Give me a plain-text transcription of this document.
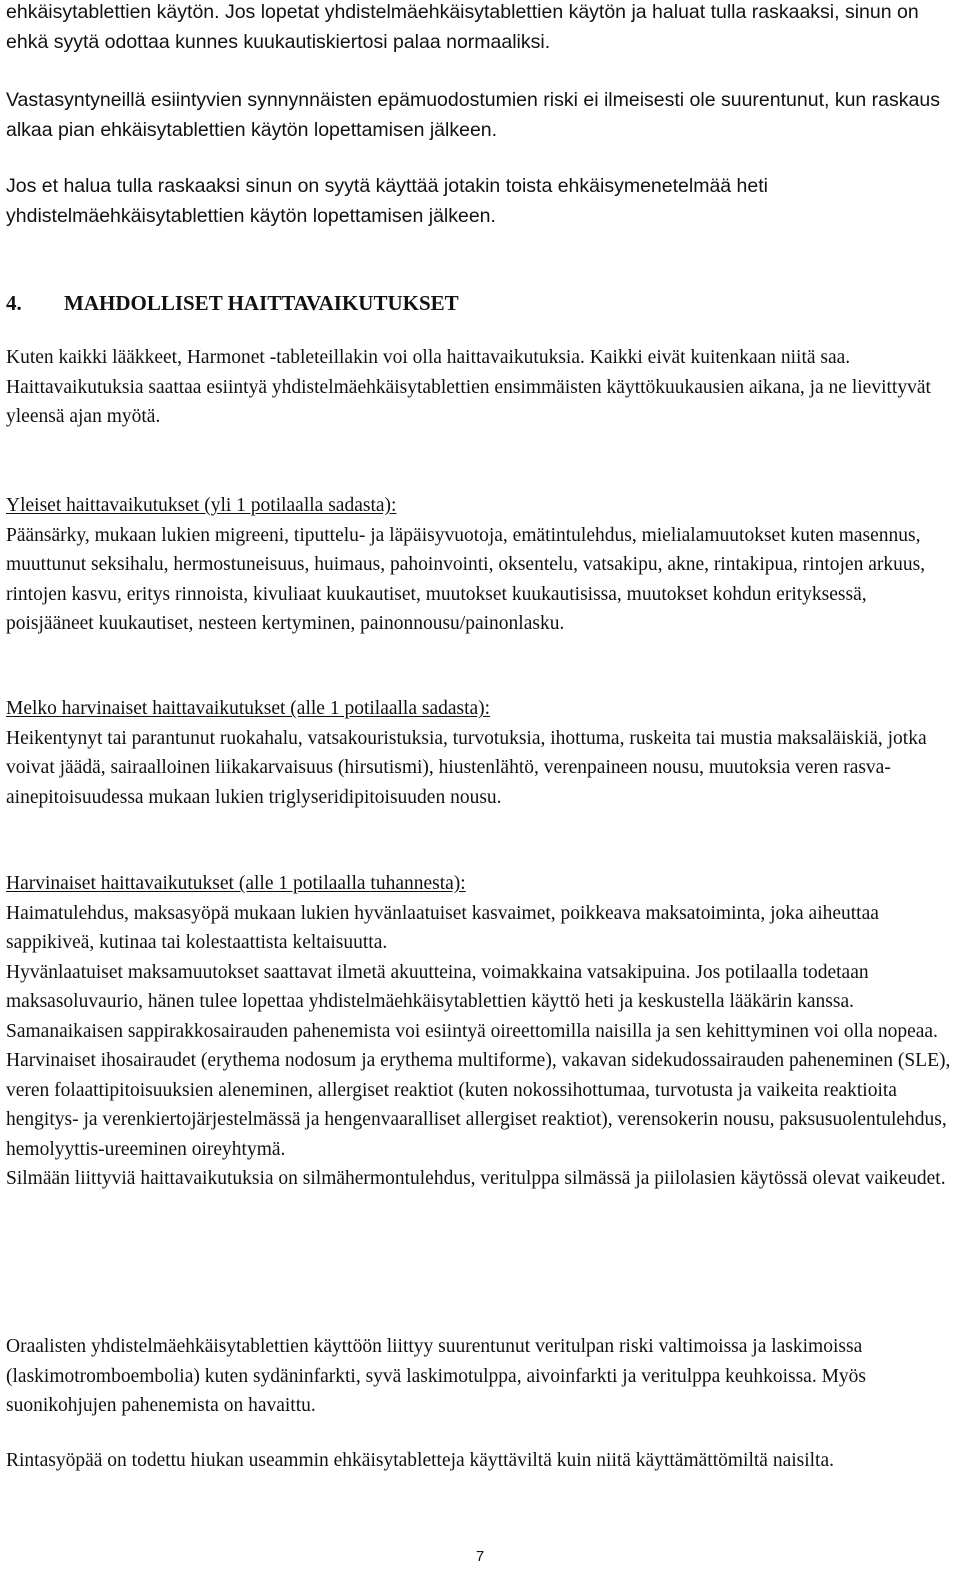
ehkäisytablettien käytön. Jos lopetat yhdistelmäehkäisytablettien käytön ja haluat tulla raskaaksi, sinun on ehkä syytä odottaa kunnes kuukautiskiertosi palaa normaaliksi.

Vastasyntyneillä esiintyvien synnynnäisten epämuodostumien riski ei ilmeisesti ole suurentunut, kun raskaus alkaa pian ehkäisytablettien käytön lopettamisen jälkeen.

Jos et halua tulla raskaaksi sinun on syytä käyttää jotakin toista ehkäisymenetelmää heti yhdistelmäehkäisytablettien käytön lopettamisen jälkeen.

4. MAHDOLLISET HAITTAVAIKUTUKSET
Kuten kaikki lääkkeet, Harmonet -tableteillakin voi olla haittavaikutuksia. Kaikki eivät kuitenkaan niitä saa.
Haittavaikutuksia saattaa esiintyä yhdistelmäehkäisytablettien ensimmäisten käyttökuukausien aikana, ja ne lievittyvät yleensä ajan myötä.
Yleiset haittavaikutukset (yli 1 potilaalla sadasta):
Päänsärky, mukaan lukien migreeni, tiputtelu- ja läpäisyvuotoja, emätintulehdus, mielialamuutokset kuten masennus, muuttunut seksihalu, hermostuneisuus, huimaus, pahoinvointi, oksentelu, vatsakipu, akne, rintakipua, rintojen arkuus, rintojen kasvu, eritys rinnoista, kivuliaat kuukautiset, muutokset kuukautisissa, muutokset kohdun erityksessä, poisjääneet kuukautiset, nesteen kertyminen, painonnousu/painonlasku.
Melko harvinaiset haittavaikutukset (alle 1 potilaalla sadasta):
Heikentynyt tai parantunut ruokahalu, vatsakouristuksia, turvotuksia, ihottuma, ruskeita tai mustia maksaläiskiä, jotka voivat jäädä, sairaalloinen liikakarvaisuus (hirsutismi), hiustenlähtö, verenpaineen nousu, muutoksia veren rasva-ainepitoisuudessa mukaan lukien triglyseridipitoisuuden nousu.
Harvinaiset haittavaikutukset (alle 1 potilaalla tuhannesta):
Haimatulehdus, maksasyöpä mukaan lukien hyvänlaatuiset kasvaimet, poikkeava maksatoiminta, joka aiheuttaa sappikiveä, kutinaa tai kolestaattista keltaisuutta.
Hyvänlaatuiset maksamuutokset saattavat ilmetä akuutteina, voimakkaina vatsakipuina. Jos potilaalla todetaan maksasoluvaurio, hänen tulee lopettaa yhdistelmäehkäisytablettien käyttö heti ja keskustella lääkärin kanssa.
Samanaikaisen sappirakkosairauden pahenemista voi esiintyä oireettomilla naisilla ja sen kehittyminen voi olla nopeaa.
Harvinaiset ihosairaudet (erythema nodosum ja erythema multiforme), vakavan sidekudossairauden paheneminen (SLE), veren folaattipitoisuuksien aleneminen, allergiset reaktiot (kuten nokossihottumaa, turvotusta ja vaikeita reaktioita hengitys- ja verenkiertojärjestelmässä ja hengenvaaralliset allergiset reaktiot), verensokerin nousu, paksusuolentulehdus, hemolyyttis-ureeminen oireyhtymä.
Silmään liittyviä haittavaikutuksia on silmähermontulehdus, veritulppa silmässä ja piilolasien käytössä olevat vaikeudet.

Oraalisten yhdistelmäehkäisytablettien käyttöön liittyy suurentunut veritulpan riski valtimoissa ja laskimoissa (laskimotromboembolia) kuten sydäninfarkti, syvä laskimotulppa, aivoinfarkti ja veritulppa keuhkoissa. Myös suonikohjujen pahenemista on havaittu.

Rintasyöpää on todettu hiukan useammin ehkäisytabletteja käyttäviltä kuin niitä käyttämättömiltä naisilta.

7
